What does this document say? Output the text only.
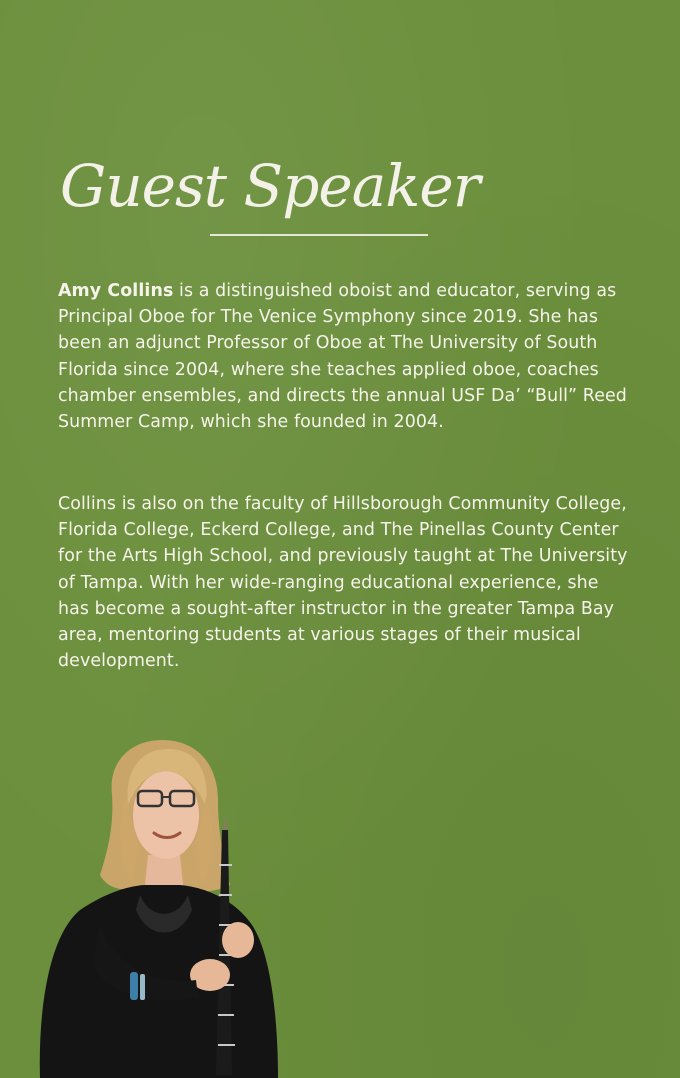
Guest Speaker

Amy Collins is a distinguished oboist and educator, serving as Principal Oboe for The Venice Symphony since 2019. She has been an adjunct Professor of Oboe at The University of South Florida since 2004, where she teaches applied oboe, coaches chamber ensembles, and directs the annual USF Da’ “Bull” Reed Summer Camp, which she founded in 2004.

Collins is also on the faculty of Hillsborough Community College, Florida College, Eckerd College, and The Pinellas County Center for the Arts High School, and previously taught at The University of Tampa. With her wide-ranging educational experience, she has become a sought-after instructor in the greater Tampa Bay area, mentoring students at various stages of their musical development.
